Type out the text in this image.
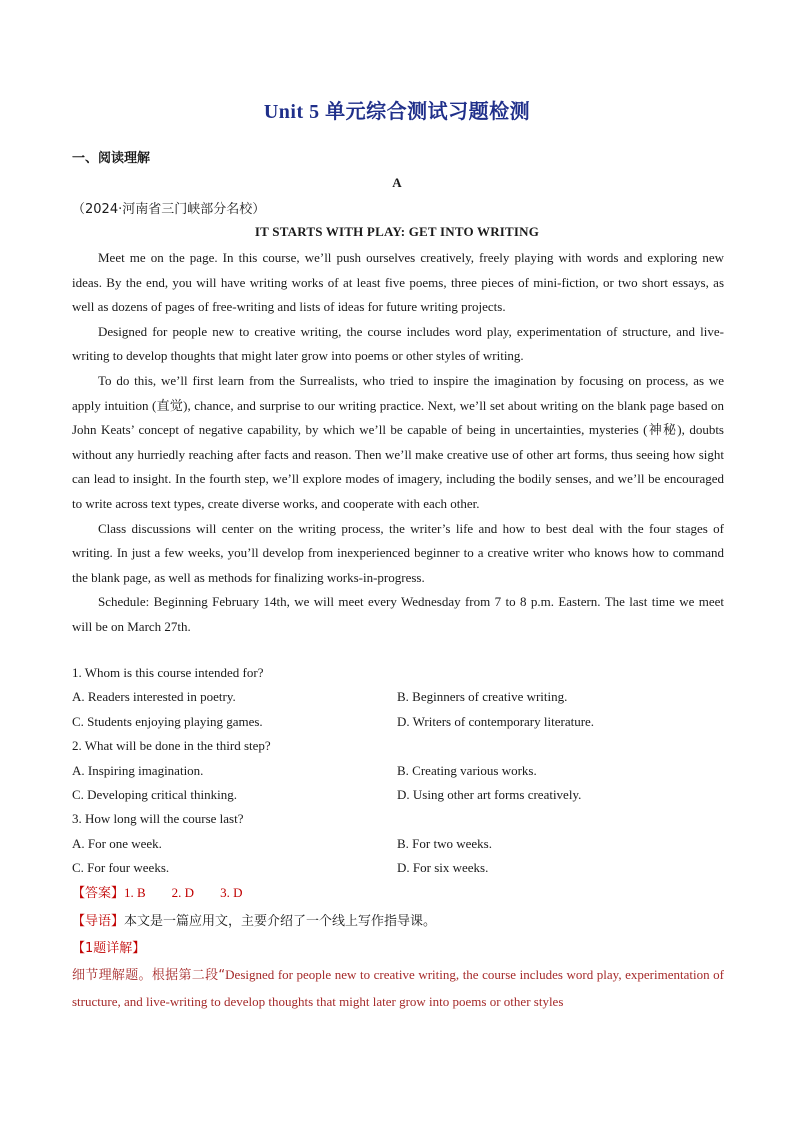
Unit 5 单元综合测试习题检测
一、阅读理解
A
（2024·河南省三门峡部分名校）
IT STARTS WITH PLAY: GET INTO WRITING

Meet me on the page. In this course, we’ll push ourselves creatively, freely playing with words and exploring new ideas. By the end, you will have writing works of at least five poems, three pieces of mini-fiction, or two short essays, as well as dozens of pages of free-writing and lists of ideas for future writing projects.

Designed for people new to creative writing, the course includes word play, experimentation of structure, and live-writing to develop thoughts that might later grow into poems or other styles of writing.

To do this, we’ll first learn from the Surrealists, who tried to inspire the imagination by focusing on process, as we apply intuition (直觉), chance, and surprise to our writing practice. Next, we’ll set about writing on the blank page based on John Keats’ concept of negative capability, by which we’ll be capable of being in uncertainties, mysteries (神秘), doubts without any hurriedly reaching after facts and reason. Then we’ll make creative use of other art forms, thus seeing how sight can lead to insight. In the fourth step, we’ll explore modes of imagery, including the bodily senses, and we’ll be encouraged to write across text types, create diverse works, and cooperate with each other.

Class discussions will center on the writing process, the writer’s life and how to best deal with the four stages of writing. In just a few weeks, you’ll develop from inexperienced beginner to a creative writer who knows how to command the blank page, as well as methods for finalizing works-in-progress.

Schedule: Beginning February 14th, we will meet every Wednesday from 7 to 8 p.m. Eastern. The last time we meet will be on March 27th.

1. Whom is this course intended for?

A. Readers interested in poetry.	B. Beginners of creative writing.
C. Students enjoying playing games.	D. Writers of contemporary literature.

2. What will be done in the third step?

A. Inspiring imagination.	B. Creating various works.
C. Developing critical thinking.	D. Using other art forms creatively.

3. How long will the course last?

A. For one week.	B. For two weeks.
C. For four weeks.	D. For six weeks.
【答案】1. B　　2. D　　3. D
【导语】本文是一篇应用文，主要介绍了一个线上写作指导课。
【1题详解】

细节理解题。根据第二段“Designed for people new to creative writing, the course includes word play, experimentation of structure, and live-writing to develop thoughts that might later grow into poems or other styles
